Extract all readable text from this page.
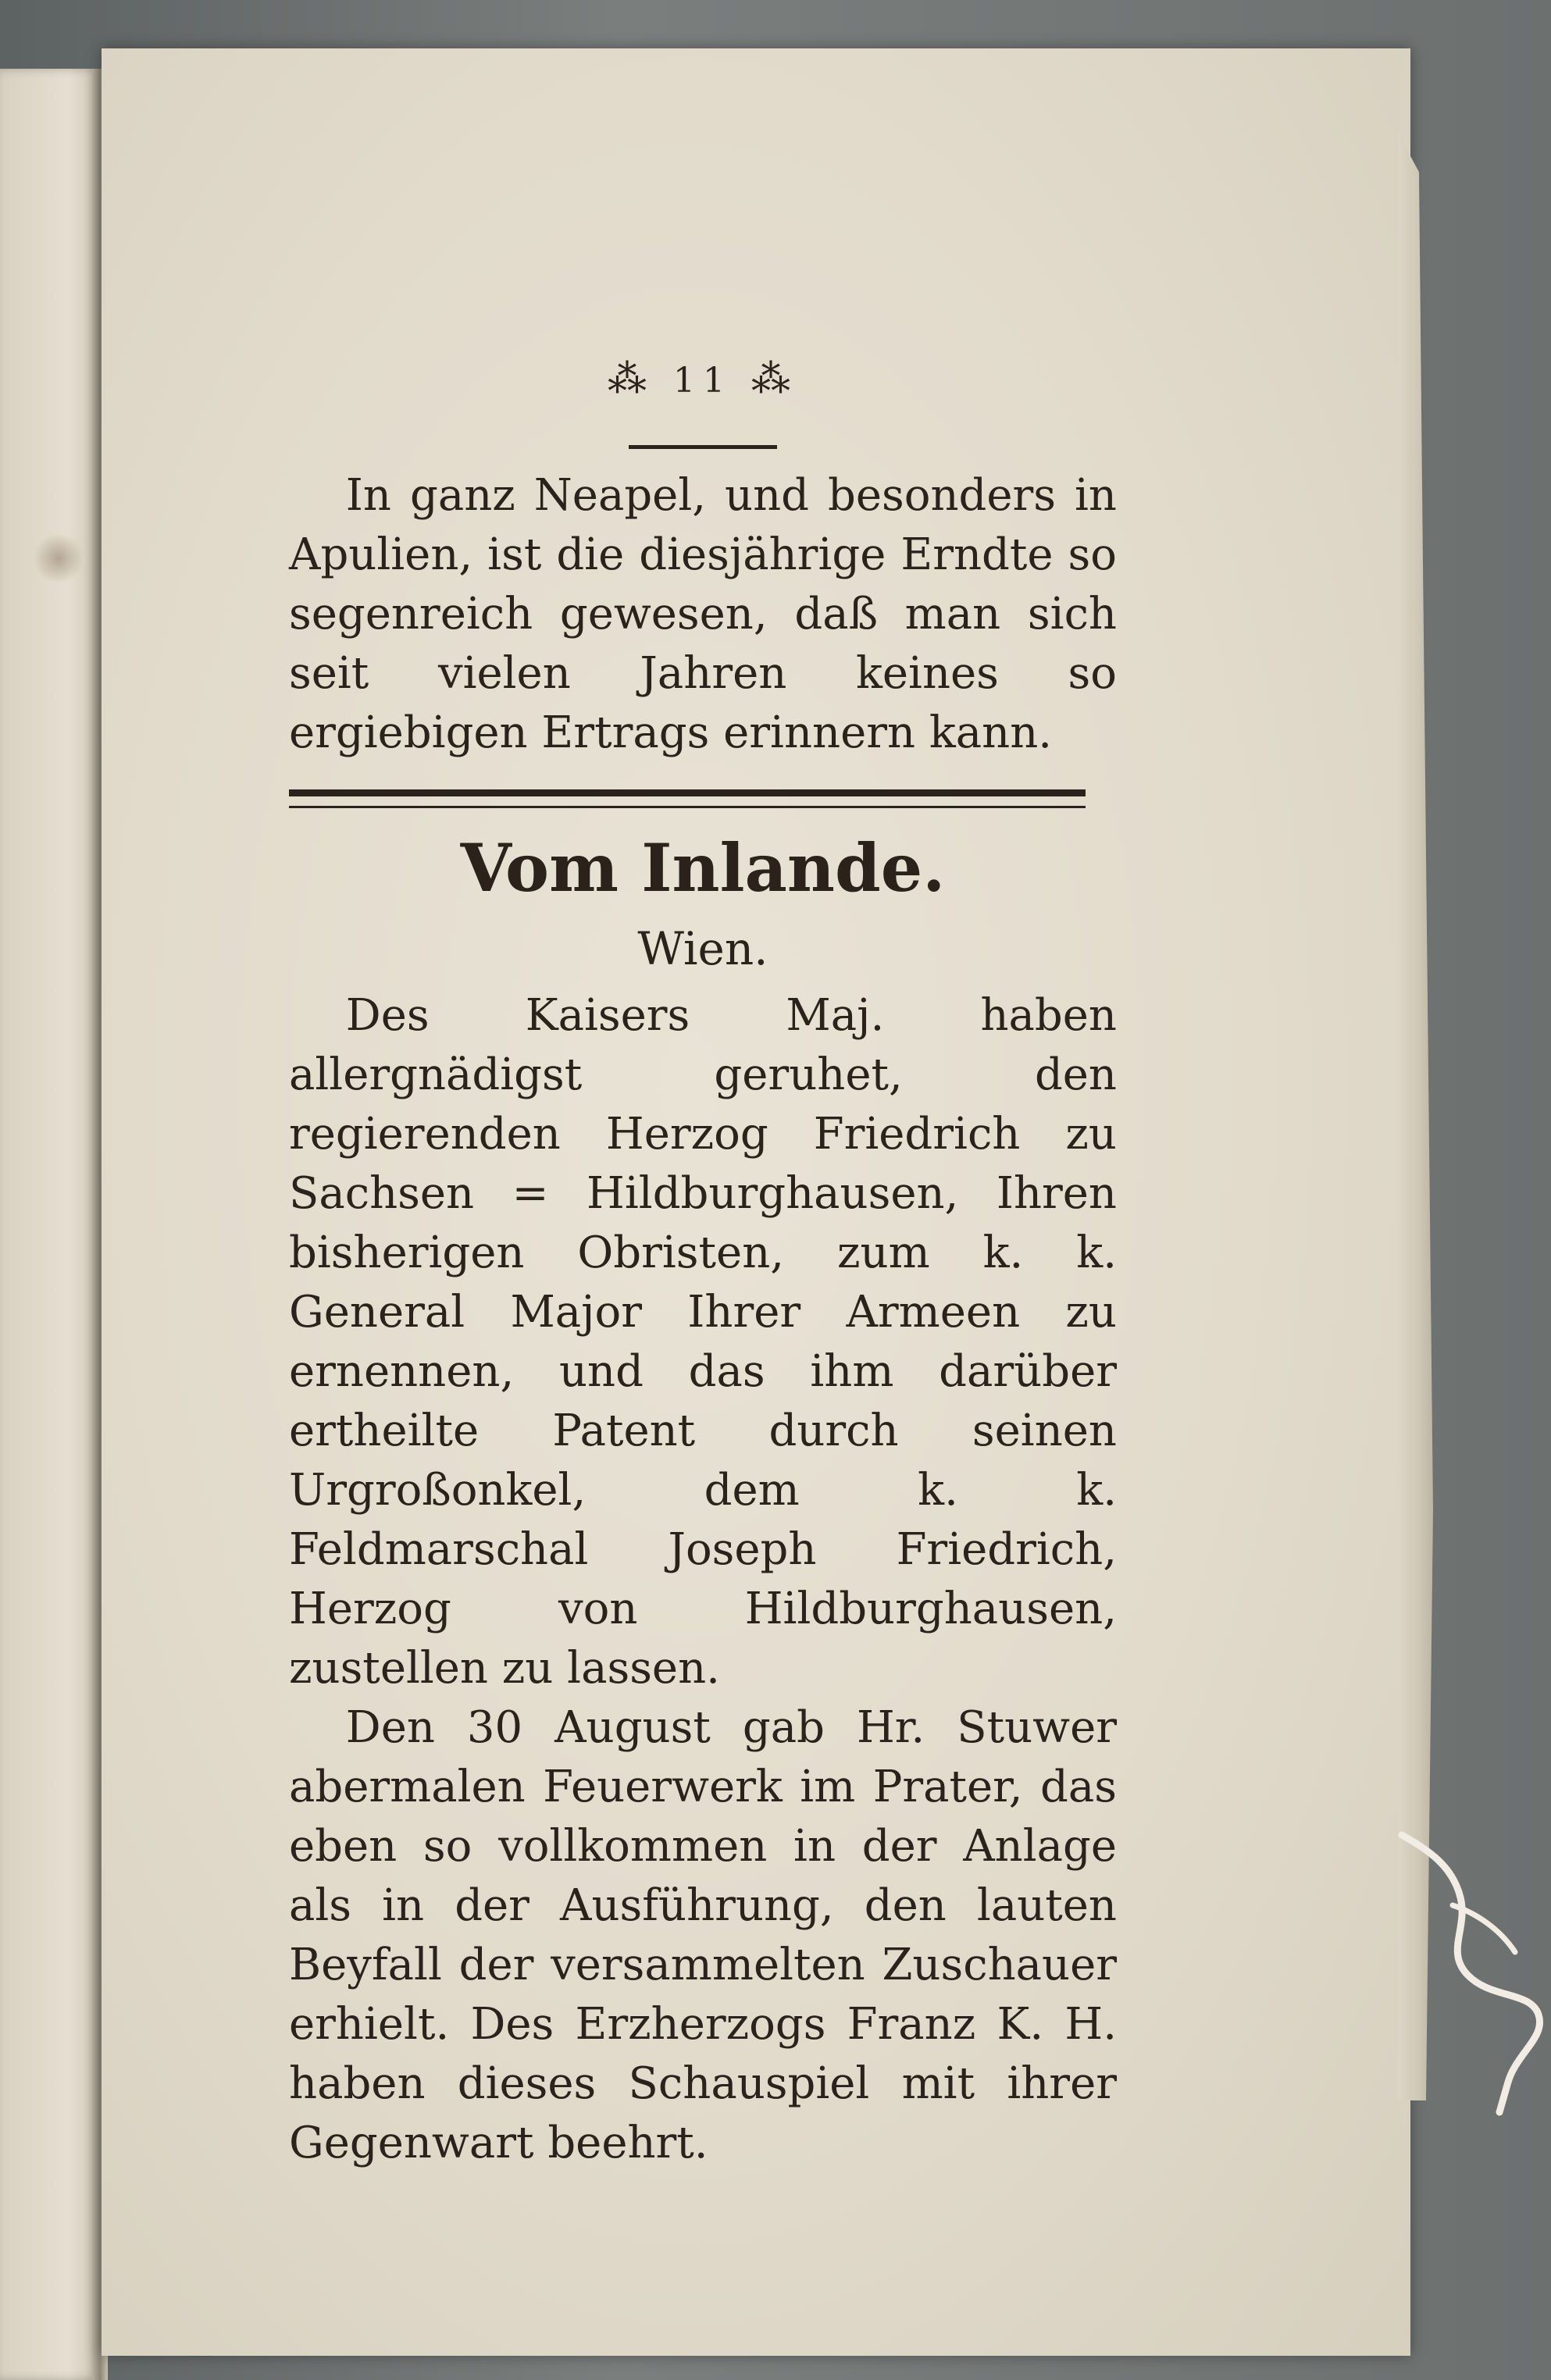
⁂ 11 ⁂

In ganz Neapel, und besonders in Apulien, ist die diesjährige Erndte so segenreich gewesen, daß man sich seit vielen Jahren keines so ergiebigen Ertrags erinnern kann.

Vom Inlande.
Wien.

Des Kaisers Maj. haben allergnädigst geruhet, den regierenden Herzog Friedrich zu Sachsen = Hildburghausen, Ihren bisherigen Obristen, zum k. k. General Major Ihrer Armeen zu ernennen, und das ihm darüber ertheilte Patent durch seinen Urgroßonkel, dem k. k. Feldmarschal Joseph Friedrich, Herzog von Hildburghausen, zustellen zu lassen.

Den 30 August gab Hr. Stuwer abermalen Feuerwerk im Prater, das eben so vollkommen in der Anlage als in der Ausführung, den lauten Beyfall der versammelten Zuschauer erhielt. Des Erzherzogs Franz K. H. haben dieses Schauspiel mit ihrer Gegenwart beehrt.
